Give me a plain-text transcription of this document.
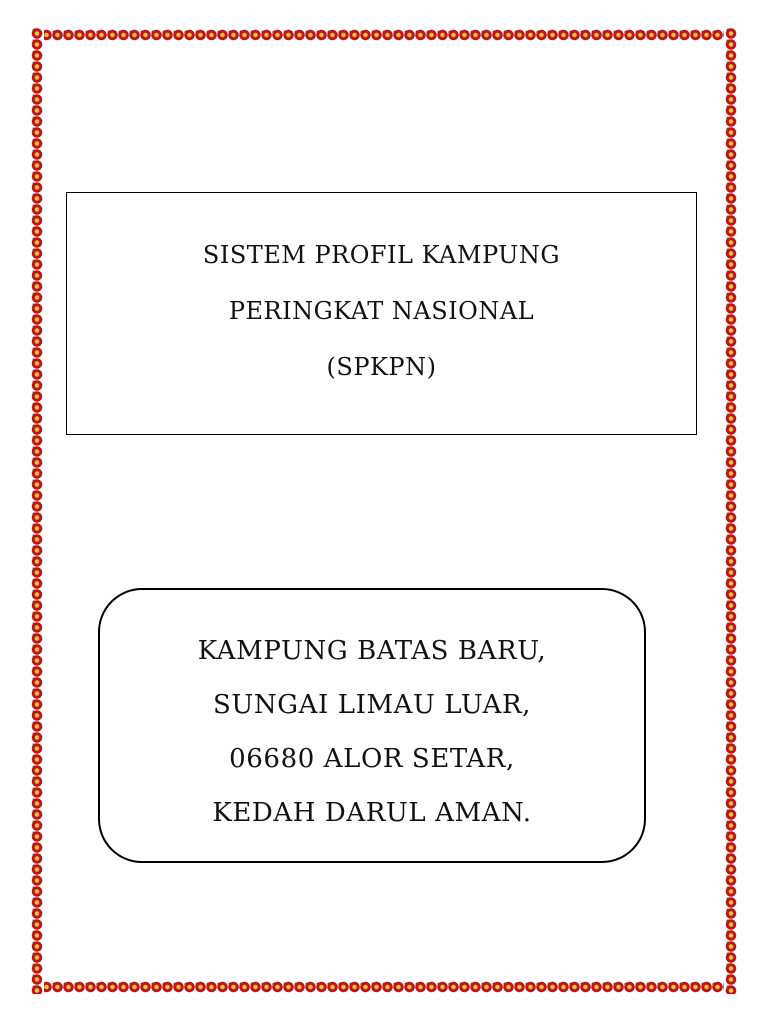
SISTEM PROFIL KAMPUNG
PERINGKAT NASIONAL
(SPKPN)
KAMPUNG BATAS BARU,
SUNGAI LIMAU LUAR,
06680 ALOR SETAR,
KEDAH DARUL AMAN.
